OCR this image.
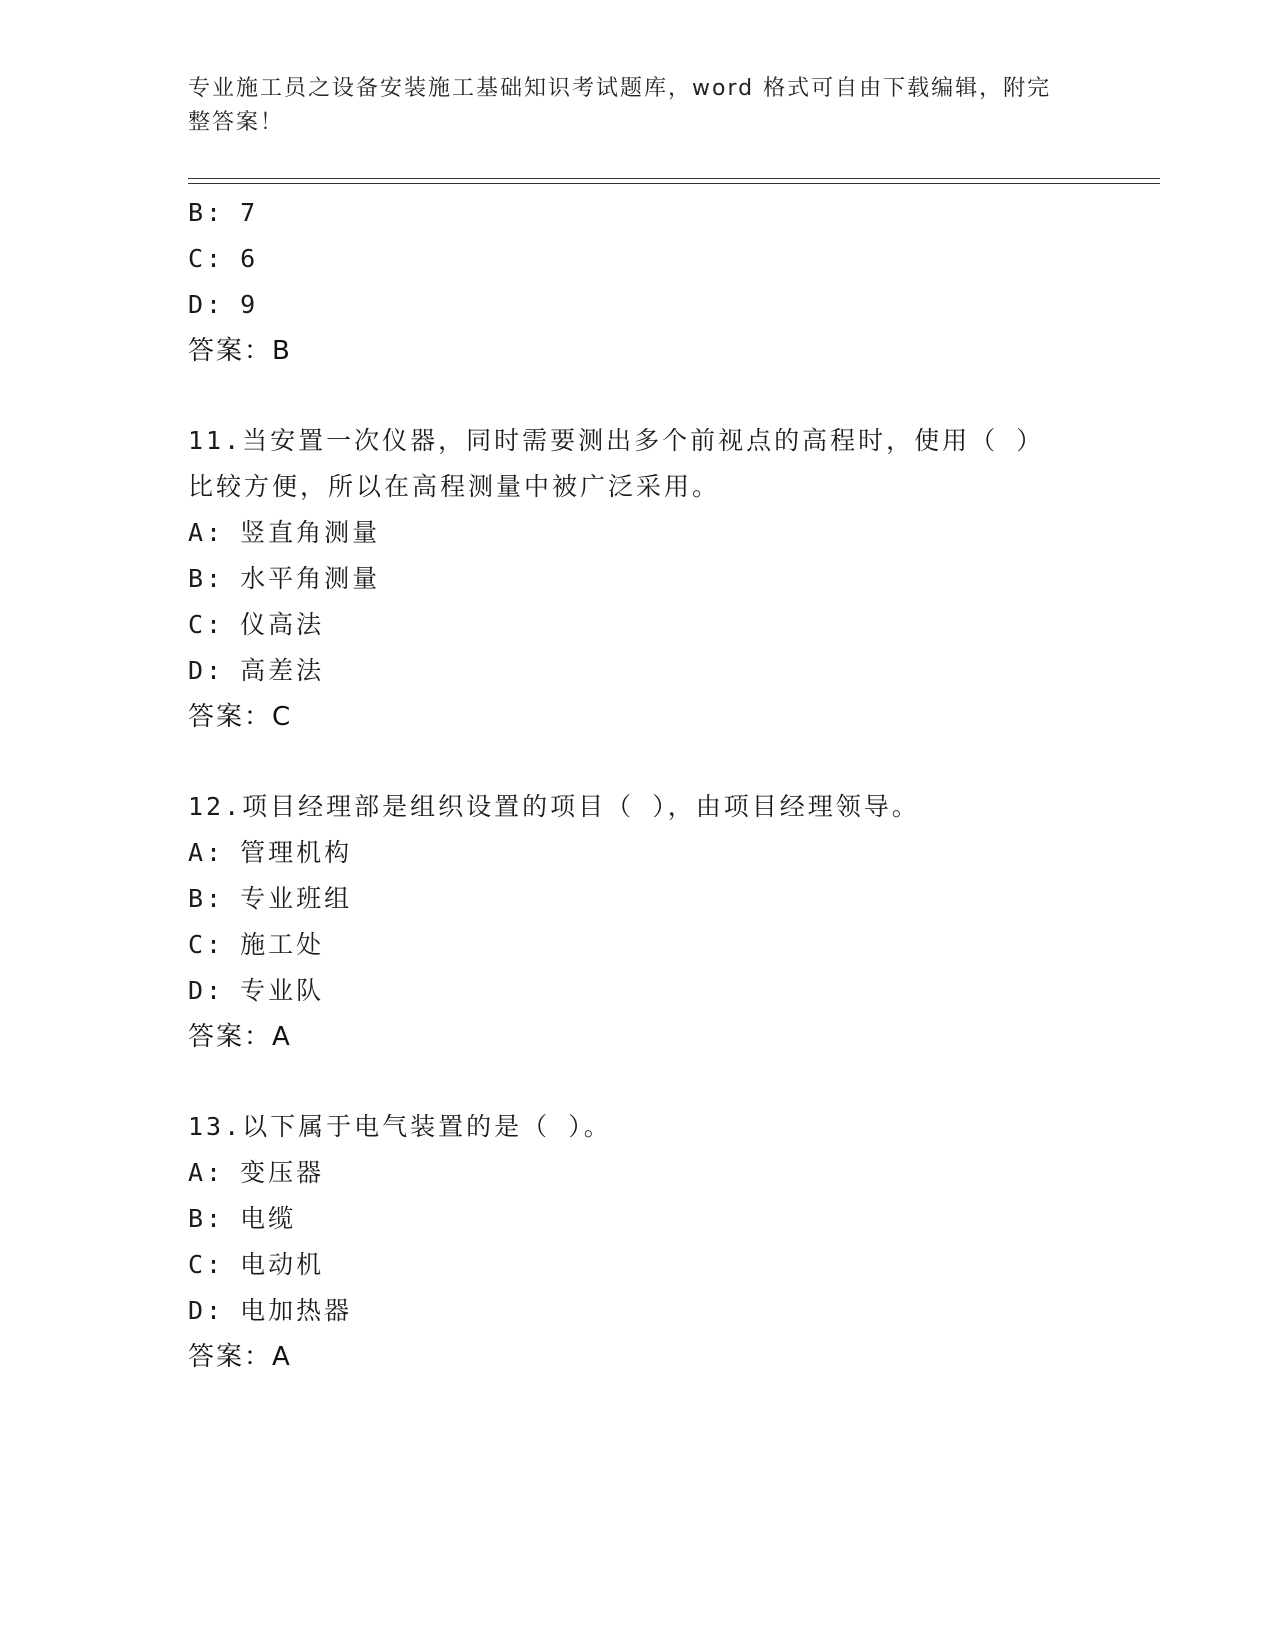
专业施工员之设备安装施工基础知识考试题库，word 格式可自由下载编辑，附完
整答案！
B: 7
C: 6
D: 9
答案：B
11.当安置一次仪器，同时需要测出多个前视点的高程时，使用（ ）
比较方便，所以在高程测量中被广泛采用。
A: 竖直角测量
B: 水平角测量
C: 仪高法
D: 高差法
答案：C
12.项目经理部是组织设置的项目（ ），由项目经理领导。
A: 管理机构
B: 专业班组
C: 施工处
D: 专业队
答案：A
13.以下属于电气装置的是（ ）。
A: 变压器
B: 电缆
C: 电动机
D: 电加热器
答案：A
